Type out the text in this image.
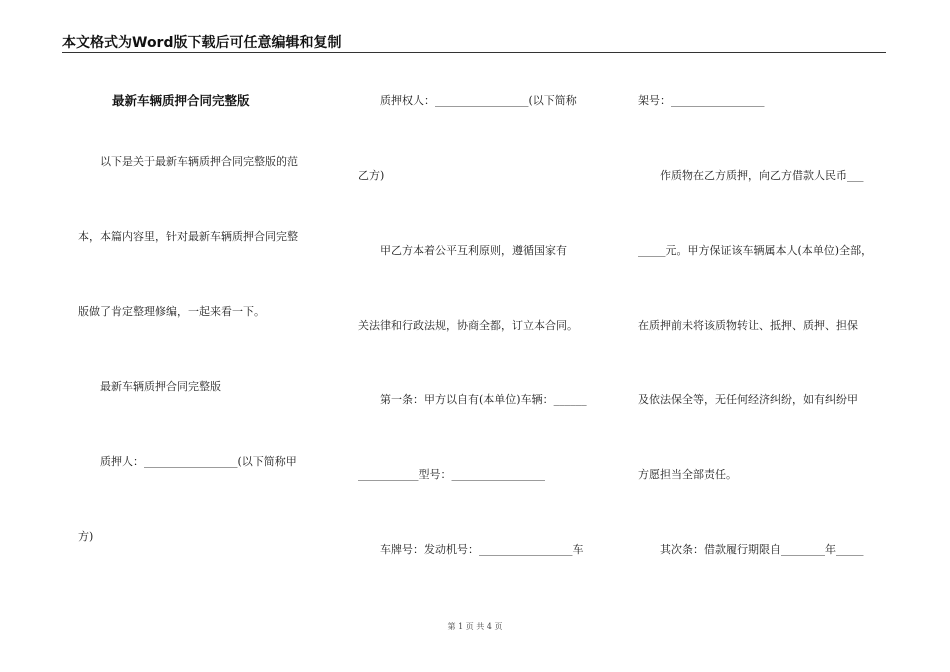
本文格式为Word版下载后可任意编辑和复制
最新车辆质押合同完整版
　　以下是关于最新车辆质押合同完整版的范
本，本篇内容里，针对最新车辆质押合同完整
版做了肯定整理修编，一起来看一下。
　　最新车辆质押合同完整版
　　质押人：_________________(以下简称甲
方)
　　质押权人：_________________(以下简称
乙方)
　　甲乙方本着公平互利原则，遵循国家有
关法律和行政法规，协商全都，订立本合同。
　　第一条：甲方以自有(本单位)车辆：______
___________型号：_________________
　　车牌号：发动机号：_________________车
架号：_________________
　　作质物在乙方质押，向乙方借款人民币___
_____元。甲方保证该车辆属本人(本单位)全部，
在质押前未将该质物转让、抵押、质押、担保
及依法保全等，无任何经济纠纷，如有纠纷甲
方愿担当全部责任。
　　其次条：借款履行期限自________年_____
第 1 页 共 4 页
